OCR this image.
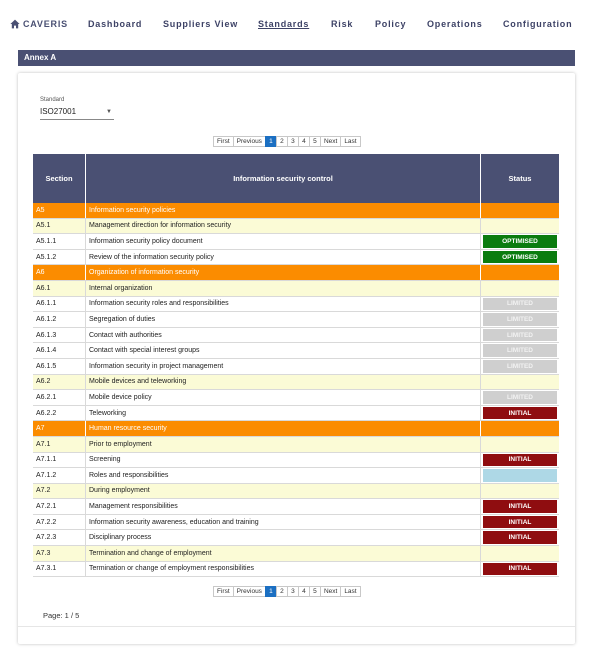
CAVERIS Dashboard Suppliers View Standards Risk Policy Operations Configuration
Annex A
Standard
ISO27001	▼
First	Previous	1	2	3	4	5	Next	Last
Section	Information security control	Status
A5	Information security policies
A5.1	Management direction for information security
A5.1.1	Information security policy document	OPTIMISED
A5.1.2	Review of the information security policy	OPTIMISED
A6	Organization of information security
A6.1	Internal organization
A6.1.1	Information security roles and responsibilities	LIMITED
A6.1.2	Segregation of duties	LIMITED
A6.1.3	Contact with authorities	LIMITED
A6.1.4	Contact with special interest groups	LIMITED
A6.1.5	Information security in project management	LIMITED
A6.2	Mobile devices and teleworking
A6.2.1	Mobile device policy	LIMITED
A6.2.2	Teleworking	INITIAL
A7	Human resource security
A7.1	Prior to employment
A7.1.1	Screening	INITIAL
A7.1.2	Roles and responsibilities
A7.2	During employment
A7.2.1	Management responsibilities	INITIAL
A7.2.2	Information security awareness, education and training	INITIAL
A7.2.3	Disciplinary process	INITIAL
A7.3	Termination and change of employment
A7.3.1	Termination or change of employment responsibilities	INITIAL
First	Previous	1	2	3	4	5	Next	Last
Page: 1 / 5
